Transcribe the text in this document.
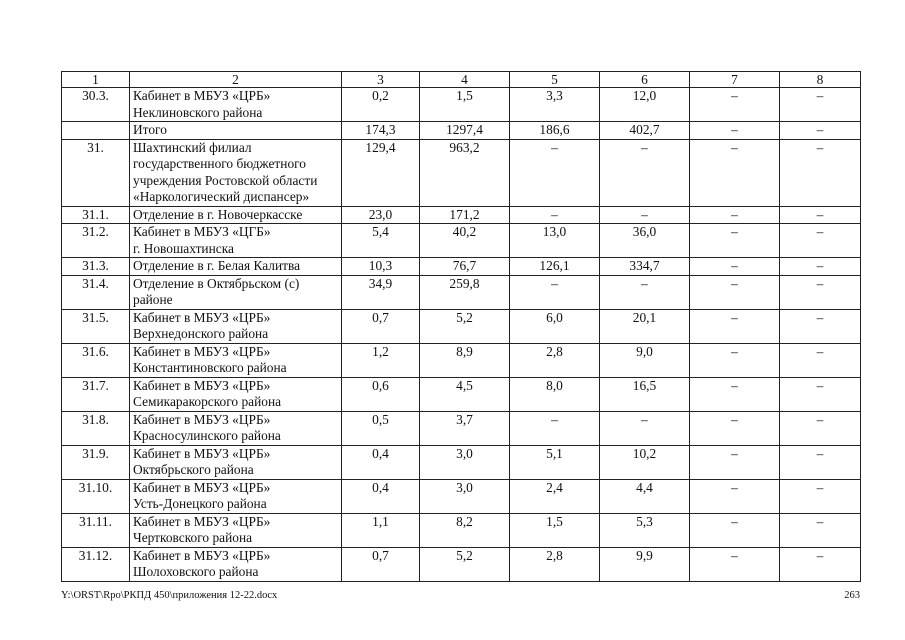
1	2	3	4	5	6	7	8
30.3.	Кабинет в МБУЗ «ЦРБ»
Неклиновского района	0,2	1,5	3,3	12,0	–	–

	Итого	174,3	1297,4	186,6	402,7	–	–
31.	Шахтинский филиал
государственного бюджетного
учреждения Ростовской области
«Наркологический диспансер»	129,4	963,2	–	–	–	–
31.1.	Отделение в г. Новочеркасске	23,0	171,2	–	–	–	–
31.2.	Кабинет в МБУЗ «ЦГБ»
г. Новошахтинска	5,4	40,2	13,0	36,0	–	–
31.3.	Отделение в г. Белая Калитва	10,3	76,7	126,1	334,7	–	–
31.4.	Отделение в Октябрьском (с)
районе	34,9	259,8	–	–	–	–
31.5.	Кабинет в МБУЗ «ЦРБ»
Верхнедонского района	0,7	5,2	6,0	20,1	–	–
31.6.	Кабинет в МБУЗ «ЦРБ»
Константиновского района	1,2	8,9	2,8	9,0	–	–
31.7.	Кабинет в МБУЗ «ЦРБ»
Семикаракорского района	0,6	4,5	8,0	16,5	–	–
31.8.	Кабинет в МБУЗ «ЦРБ»
Красносулинского района	0,5	3,7	–	–	–	–
31.9.	Кабинет в МБУЗ «ЦРБ»
Октябрьского района	0,4	3,0	5,1	10,2	–	–
31.10.	Кабинет в МБУЗ «ЦРБ»
Усть-Донецкого района	0,4	3,0	2,4	4,4	–	–
31.11.	Кабинет в МБУЗ «ЦРБ»
Чертковского района	1,1	8,2	1,5	5,3	–	–
31.12.	Кабинет в МБУЗ «ЦРБ»
Шолоховского района	0,7	5,2	2,8	9,9	–	–
Y:\ORST\Rpo\РКПД 450\приложения 12-22.docx	263
